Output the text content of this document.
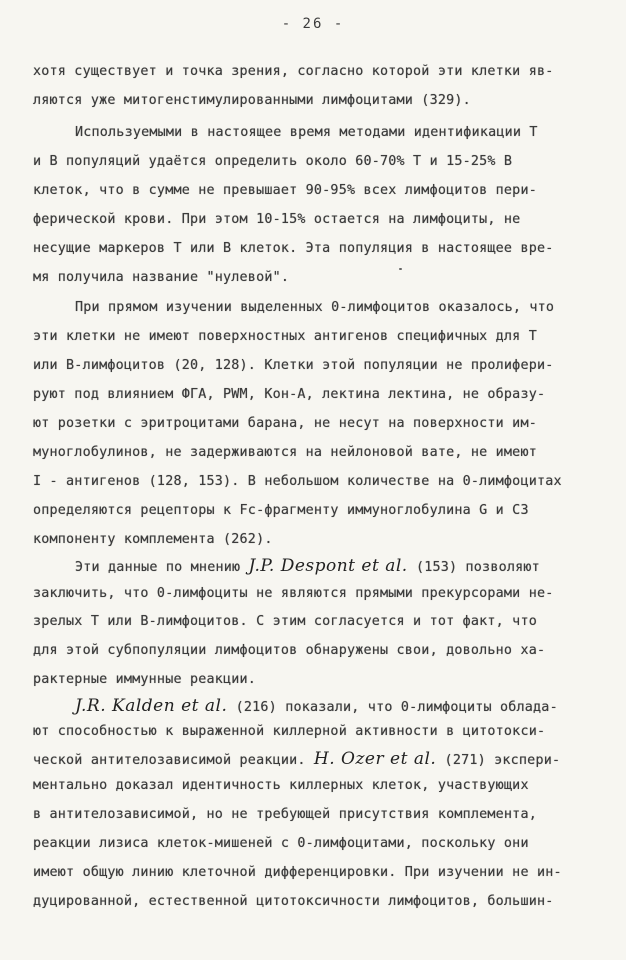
- 26 -
хотя существует и точка зрения, согласно которой эти клетки яв-
ляются уже митогенстимулированными лимфоцитами (329).
Используемыми в настоящее время методами идентификации Т
и В популяций удаётся определить около 60-70% Т и 15-25% В
клеток, что в сумме не превышает 90-95% всех лимфоцитов пери-
ферической крови. При этом 10-15% остается на лимфоциты, не
несущие маркеров Т или В клеток. Эта популяция в настоящее вре-
мя получила название "нулевой".
При прямом изучении выделенных 0-лимфоцитов оказалось, что
эти клетки не имеют поверхностных антигенов специфичных для Т
или В-лимфоцитов (20, 128). Клетки этой популяции не пролифери-
руют под влиянием ФГА, PWM, Кон-А, лектина лектина, не образу-
ют розетки с эритроцитами барана, не несут на поверхности им-
муноглобулинов, не задерживаются на нейлоновой вате, не имеют
I - антигенов (128, 153). В небольшом количестве на 0-лимфоцитах
определяются рецепторы к Fc-фрагменту иммуноглобулина G и C3
компоненту комплемента (262).
Эти данные по мнению J.P. Despont et al. (153) позволяют
заключить, что 0-лимфоциты не являются прямыми прекурсорами не-
зрелых Т или В-лимфоцитов. С этим согласуется и тот факт, что
для этой субпопуляции лимфоцитов обнаружены свои, довольно ха-
рактерные иммунные реакции.
J.R. Kalden et al. (216) показали, что 0-лимфоциты облада-
ют способностью к выраженной киллерной активности в цитотокси-
ческой антителозависимой реакции. H. Ozer et al. (271) экспери-
ментально доказал идентичность киллерных клеток, участвующих
в антителозависимой, но не требующей присутствия комплемента,
реакции лизиса клеток-мишеней с 0-лимфоцитами, поскольку они
имеют общую линию клеточной дифференцировки. При изучении не ин-
дуцированной, естественной цитотоксичности лимфоцитов, большин-
